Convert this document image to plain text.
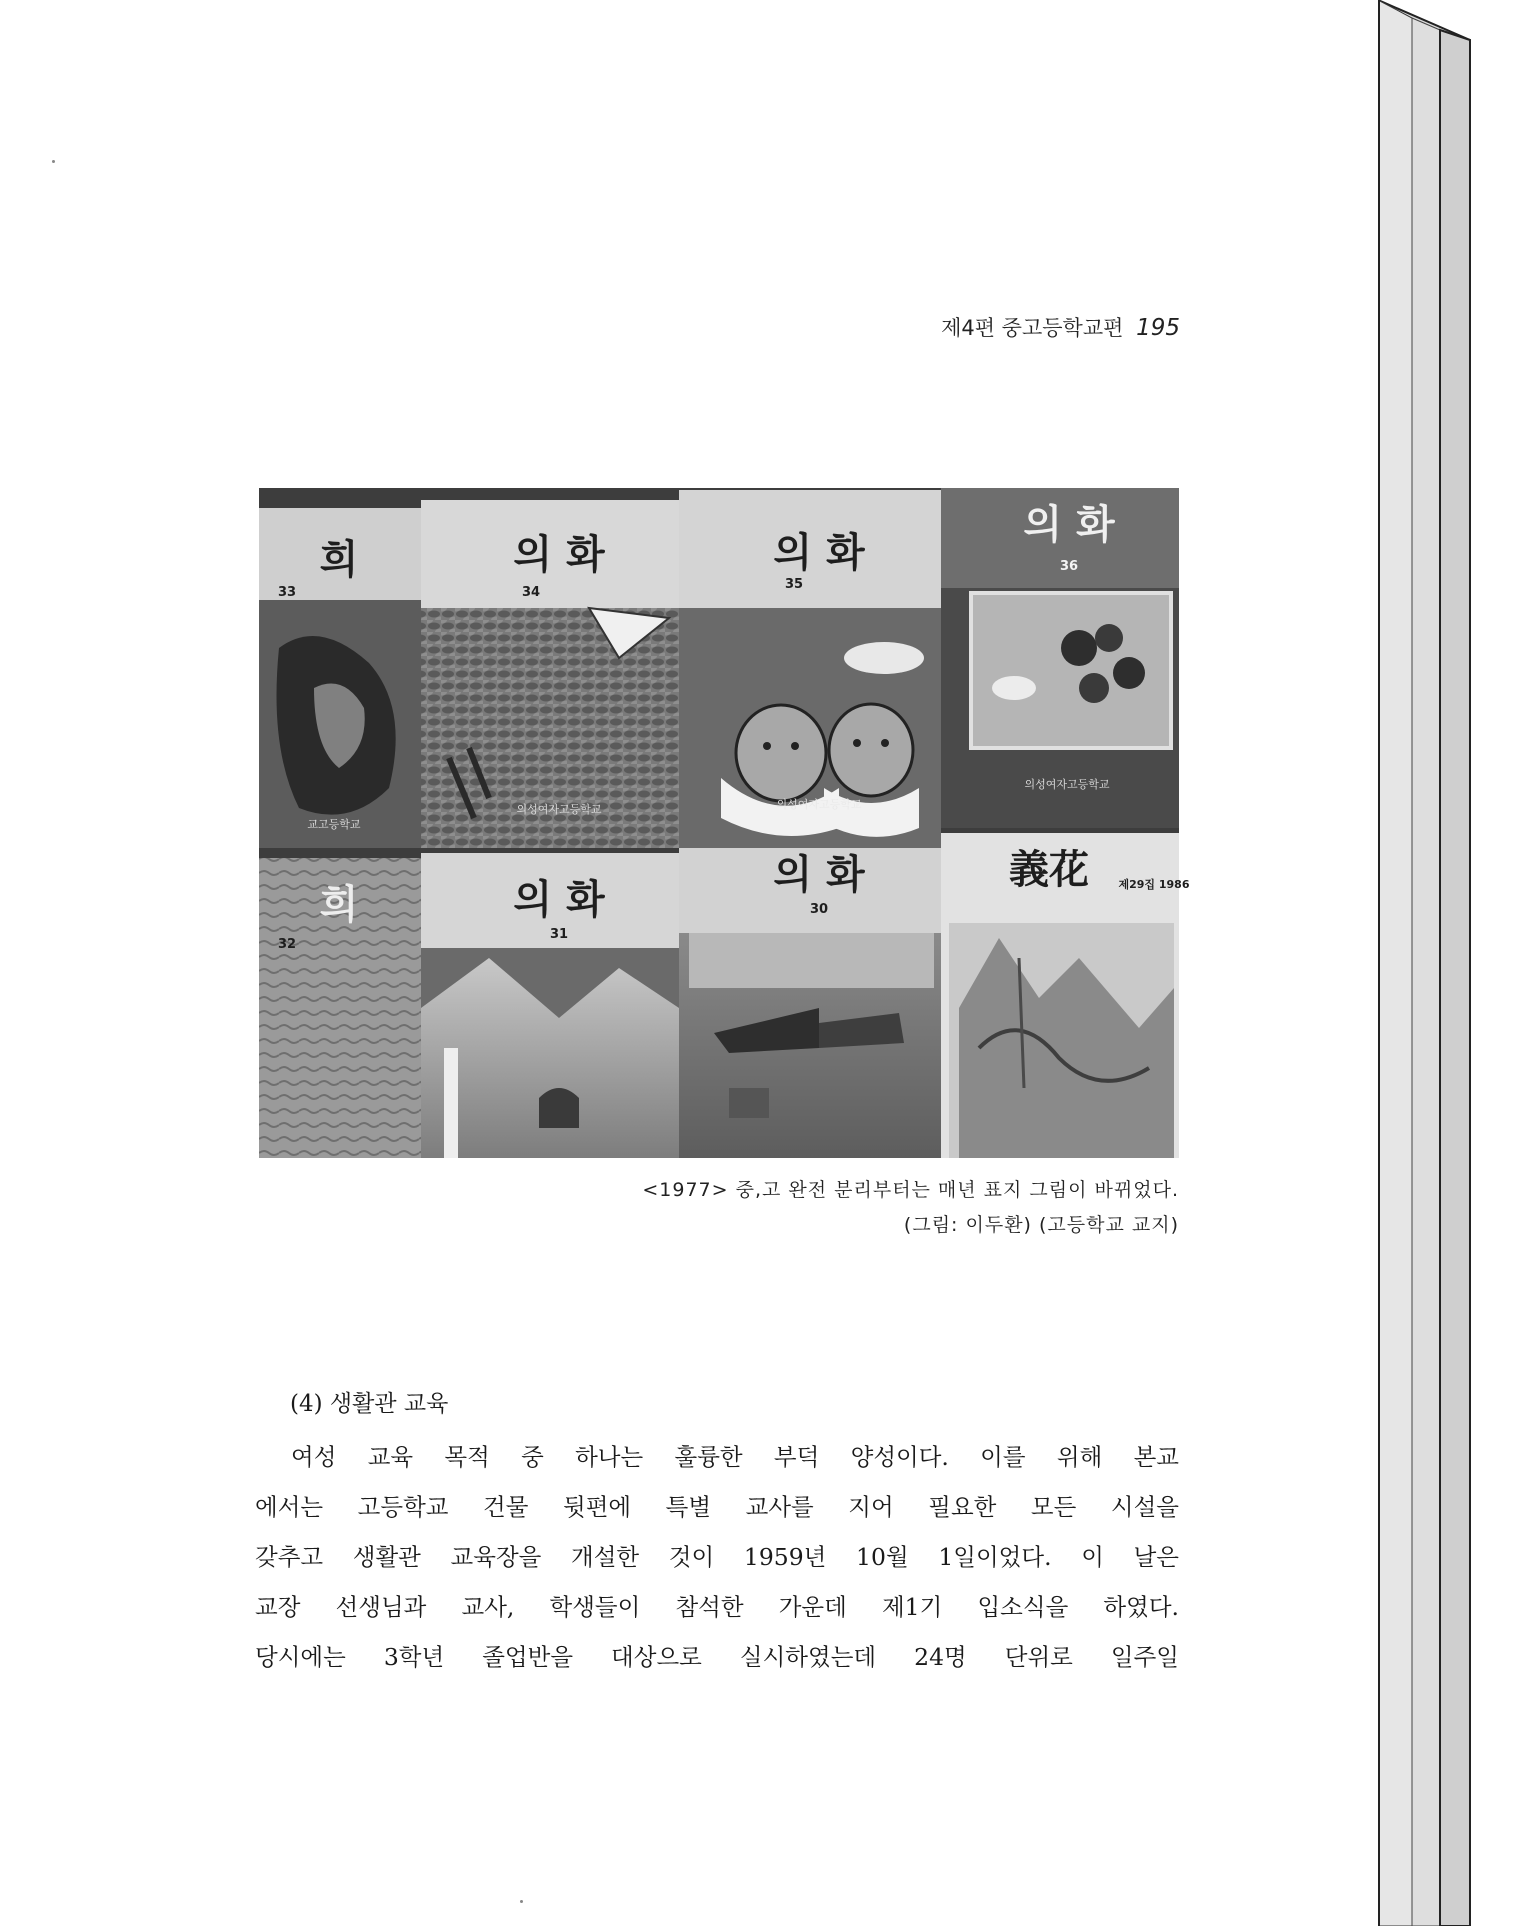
제4편 중고등학교편 195
희
33
교고등학교
의 화
34
의성여자고등학교
의 화
35
의성여자고등학교
의 화
36
의성여자고등학교
희
32
의 화
31
의 화
30
義花	제29집 1986
<1977> 중,고 완전 분리부터는 매년 표지 그림이 바뀌었다.
(그림: 이두환) (고등학교 교지)
(4) 생활관 교육
여성 교육 목적 중 하나는 훌륭한 부덕 양성이다. 이를 위해 본교
에서는 고등학교 건물 뒷편에 특별 교사를 지어 필요한 모든 시설을
갖추고 생활관 교육장을 개설한 것이 1959년 10월 1일이었다. 이 날은
교장 선생님과 교사, 학생들이 참석한 가운데 제1기 입소식을 하였다.
당시에는 3학년 졸업반을 대상으로 실시하였는데 24명 단위로 일주일
